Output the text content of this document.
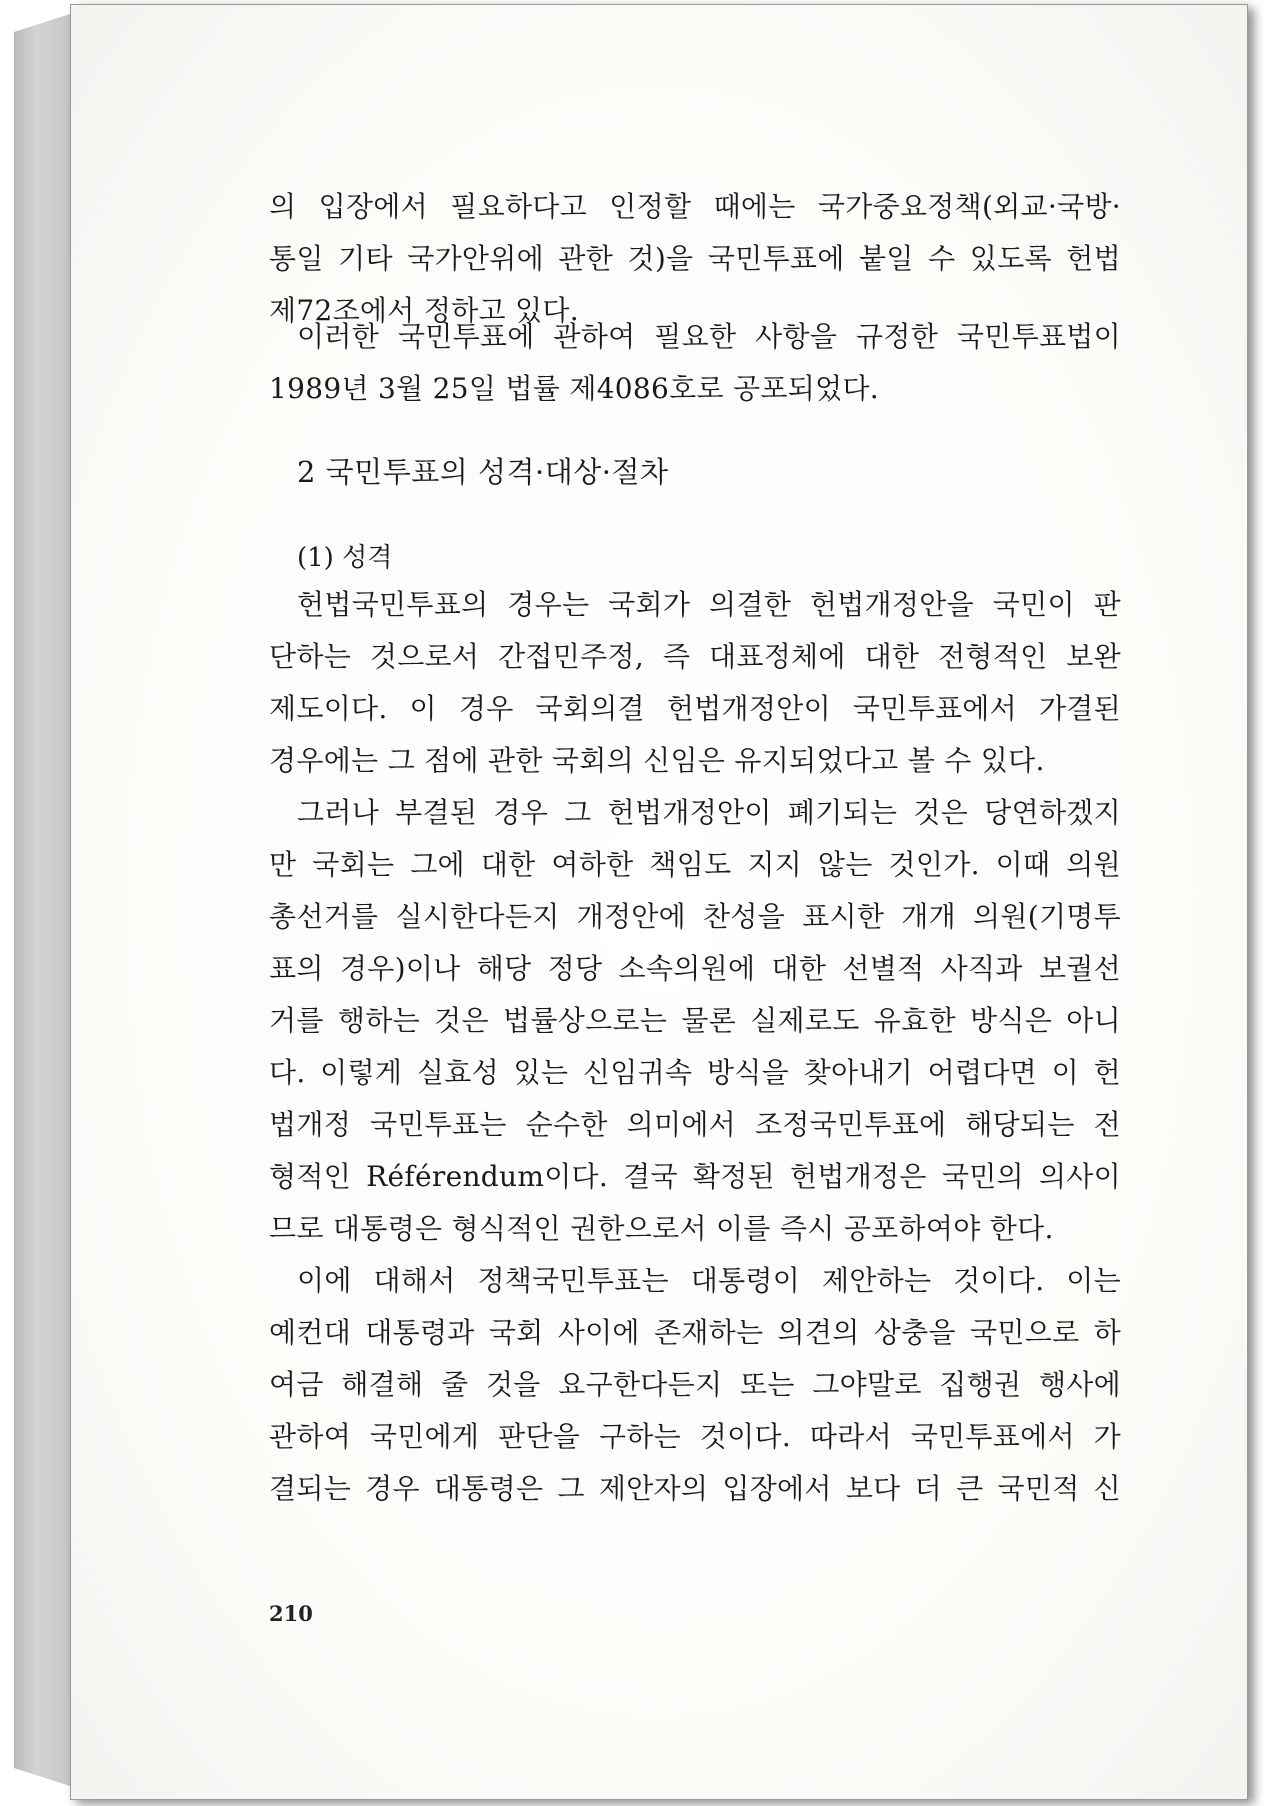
의 입장에서 필요하다고 인정할 때에는 국가중요정책(외교·국방·
통일 기타 국가안위에 관한 것)을 국민투표에 붙일 수 있도록 헌법
제72조에서 정하고 있다.
이러한 국민투표에 관하여 필요한 사항을 규정한 국민투표법이
1989년 3월 25일 법률 제4086호로 공포되었다.
2 국민투표의 성격·대상·절차
(1) 성격
헌법국민투표의 경우는 국회가 의결한 헌법개정안을 국민이 판
단하는 것으로서 간접민주정, 즉 대표정체에 대한 전형적인 보완
제도이다. 이 경우 국회의결 헌법개정안이 국민투표에서 가결된
경우에는 그 점에 관한 국회의 신임은 유지되었다고 볼 수 있다.
그러나 부결된 경우 그 헌법개정안이 폐기되는 것은 당연하겠지
만 국회는 그에 대한 여하한 책임도 지지 않는 것인가. 이때 의원
총선거를 실시한다든지 개정안에 찬성을 표시한 개개 의원(기명투
표의 경우)이나 해당 정당 소속의원에 대한 선별적 사직과 보궐선
거를 행하는 것은 법률상으로는 물론 실제로도 유효한 방식은 아니
다. 이렇게 실효성 있는 신임귀속 방식을 찾아내기 어렵다면 이 헌
법개정 국민투표는 순수한 의미에서 조정국민투표에 해당되는 전
형적인 Référendum이다. 결국 확정된 헌법개정은 국민의 의사이
므로 대통령은 형식적인 권한으로서 이를 즉시 공포하여야 한다.
이에 대해서 정책국민투표는 대통령이 제안하는 것이다. 이는
예컨대 대통령과 국회 사이에 존재하는 의견의 상충을 국민으로 하
여금 해결해 줄 것을 요구한다든지 또는 그야말로 집행권 행사에
관하여 국민에게 판단을 구하는 것이다. 따라서 국민투표에서 가
결되는 경우 대통령은 그 제안자의 입장에서 보다 더 큰 국민적 신
210
